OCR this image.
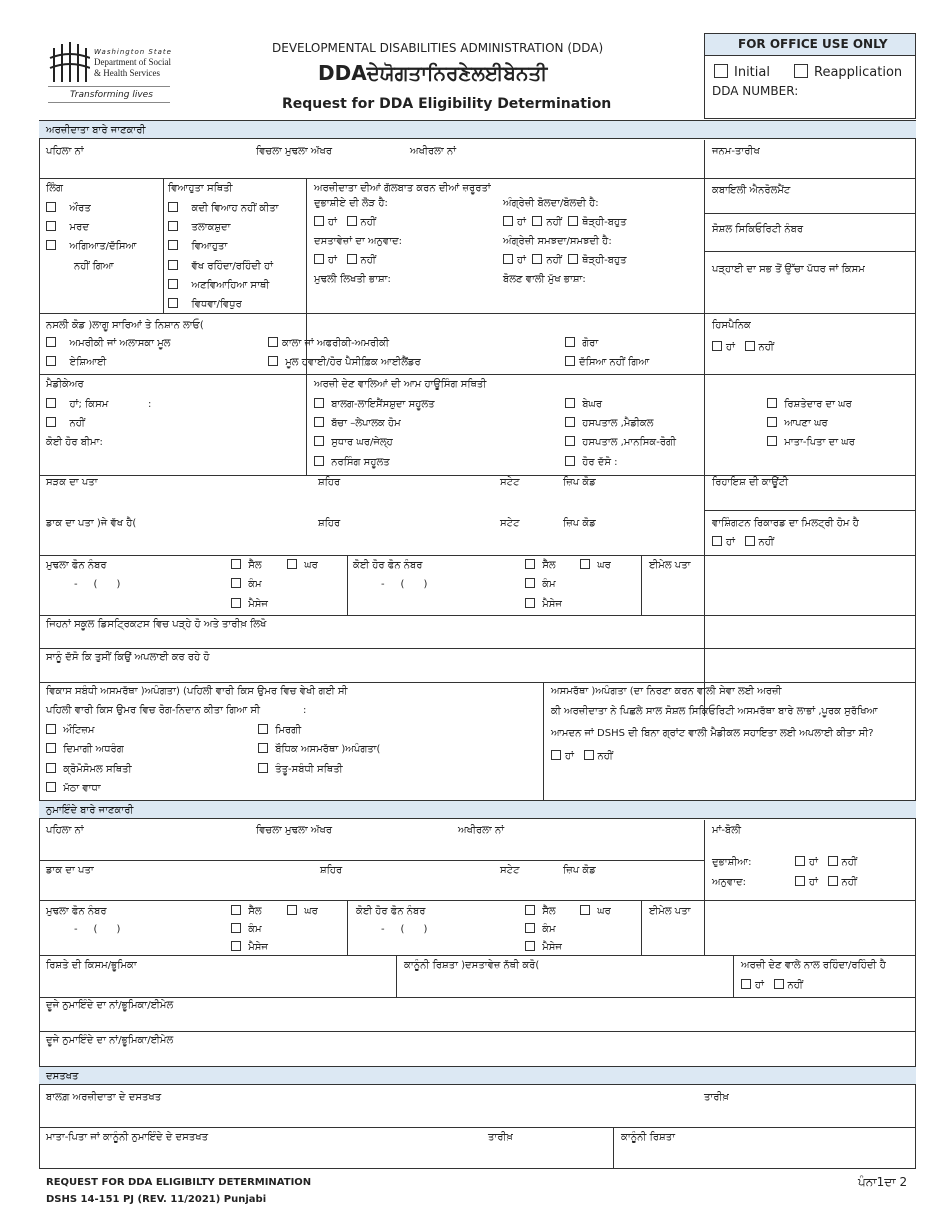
Washington State
Department of Social
& Health Services
Transforming lives
DEVELOPMENTAL DISABILITIES ADMINISTRATION (DDA)
DDAਦੇਯੋਗਤਾਨਿਰਣੇਲਈਬੇਨਤੀ
Request for DDA Eligibility Determination
FOR OFFICE USE ONLY
Initial	Reapplication
DDA NUMBER:
ਅਰਜ਼ੀਦਾਤਾ ਬਾਰੇ ਜਾਣਕਾਰੀ
ਪਹਿਲਾ ਨਾਂ	ਵਿਚਲਾ ਮੁਢਲਾ ਅੱਖਰ	ਅਖੀਰਲਾ ਨਾਂ	ਜਨਮ-ਤਾਰੀਖ
ਲਿੰਗ
ਔਰਤ
ਮਰਦ
ਅਗਿਆਤ/ਦੱਸਿਆ
ਨਹੀਂ ਗਿਆ
ਵਿਆਹੁਤਾ ਸਥਿਤੀ
ਕਦੀ ਵਿਆਹ ਨਹੀਂ ਕੀਤਾ
ਤਲਾਕਸ਼ੁਦਾ
ਵਿਆਹੁਤਾ
ਵੱਖ ਰਹਿੰਦਾ/ਰਹਿੰਦੀ ਹਾਂ
ਅਣਵਿਆਹਿਆ ਸਾਥੀ
ਵਿਧਵਾ/ਵਿਧੁਰ
ਅਰਜ਼ੀਦਾਤਾ ਦੀਆਂ ਗੱਲਬਾਤ ਕਰਨ ਦੀਆਂ ਜ਼ਰੂਰਤਾਂ
ਦੁਭਾਸ਼ੀਏ ਦੀ ਲੋੜ ਹੈ:	ਅੰਗ੍ਰੇਜ਼ੀ ਬੋਲਦਾ/ਬੋਲਦੀ ਹੈ:
ਹਾਂ ਨਹੀਂ	ਹਾਂ ਨਹੀਂ ਥੋੜ੍ਹੀ-ਬਹੁਤ
ਦਸਤਾਵੇਜ਼ਾਂ ਦਾ ਅਨੁਵਾਦ:	ਅੰਗ੍ਰੇਜ਼ੀ ਸਮਝਦਾ/ਸਮਝਦੀ ਹੈ:
ਹਾਂ ਨਹੀਂ	ਹਾਂ ਨਹੀਂ ਥੋੜ੍ਹੀ-ਬਹੁਤ
ਮੁਢਲੀ ਲਿਖਤੀ ਭਾਸ਼ਾ:	ਬੋਲਣ ਵਾਲੀ ਮੁੱਖ ਭਾਸ਼ਾ:
ਕਬਾਇਲੀ ਐਨਰੋਲਮੈਂਟ
ਸੋਸ਼ਲ ਸਿਕਿਓਰਿਟੀ ਨੰਬਰ
ਪੜ੍ਹਾਈ ਦਾ ਸਭ ਤੋਂ ਉੱਚਾ ਪੱਧਰ ਜਾਂ ਕਿਸਮ
ਨਸਲੀ ਕੋਡ )ਲਾਗੂ ਸਾਰਿਆਂ ਤੇ ਨਿਸ਼ਾਨ ਲਾਓ(
ਅਮਰੀਕੀ ਜਾਂ ਅਲਾਸਕਾ ਮੂਲ
ਏਸ਼ਿਆਈ
ਕਾਲਾ ਜਾਂ ਅਫਰੀਕੀ-ਅਮਰੀਕੀ
ਮੂਲ ਹਵਾਈ/ਹੋਰ ਪੈਸੀਫ਼ਿਕ ਆਈਲੈਂਡਰ
ਗੋਰਾ
ਦੱਸਿਆ ਨਹੀਂ ਗਿਆ
ਹਿਸਪੈਨਿਕ
ਹਾਂ ਨਹੀਂ
ਮੈਡੀਕੇਅਰ
ਹਾਂ; ਕਿਸਮ	:
ਨਹੀਂ
ਕੋਈ ਹੋਰ ਬੀਮਾ:
ਅਰਜ਼ੀ ਦੇਣ ਵਾਲਿਆਂ ਦੀ ਆਮ ਹਾਊਸਿੰਗ ਸਥਿਤੀ
ਬਾਲਗ-ਲਾਇਸੈਂਸਸ਼ੁਦਾ ਸਹੂਲਤ
ਬੱਚਾ –ਲੇਪਾਲਕ ਹੋਮ
ਸੁਧਾਰ ਘਰ/ਜੇਲ੍ਹ
ਨਰਸਿੰਗ ਸਹੂਲਤ
ਬੇਘਰ
ਹਸਪਤਾਲ ,ਮੈਡੀਕਲ
ਹਸਪਤਾਲ ,ਮਾਨਸਿਕ-ਰੋਗੀ
ਹੋਰ ਦੱਸੋ :
ਰਿਸ਼ਤੇਦਾਰ ਦਾ ਘਰ
ਆਪਣਾ ਘਰ
ਮਾਤਾ-ਪਿਤਾ ਦਾ ਘਰ
ਸੜਕ ਦਾ ਪਤਾ	ਸ਼ਹਿਰ	ਸਟੇਟ	ਜ਼ਿਪ ਕੋਡ	ਰਿਹਾਇਸ਼ ਦੀ ਕਾਊਂਟੀ
ਡਾਕ ਦਾ ਪਤਾ )ਜੇ ਵੱਖ ਹੈ(	ਸ਼ਹਿਰ	ਸਟੇਟ	ਜ਼ਿਪ ਕੋਡ	ਵਾਸ਼ਿੰਗਟਨ ਰਿਕਾਰਡ ਦਾ ਮਿਲਟ੍ਰੀ ਹੋਮ ਹੈ
ਹਾਂ ਨਹੀਂ
ਮੁਢਲਾ ਫੋਨ ਨੰਬਰ
-     (      )
ਸੈੱਲ	ਘਰ
ਕੰਮ
ਮੈਸੇਜ
ਕੋਈ ਹੋਰ ਫੋਨ ਨੰਬਰ
-     (      )
ਸੈੱਲ	ਘਰ
ਕੰਮ
ਮੈਸੇਜ
ਈਮੇਲ ਪਤਾ
ਜਿਹਨਾਂ ਸਕੂਲ ਡਿਸਟ੍ਰਿਕਟਸ ਵਿਚ ਪੜ੍ਹੇ ਹੋ ਅਤੇ ਤਾਰੀਖ਼ ਲਿਖੋ
ਸਾਨੂੰ ਦੱਸੋ ਕਿ ਤੁਸੀਂ ਕਿਉਂ ਅਪਲਾਈ ਕਰ ਰਹੇ ਹੋ
ਵਿਕਾਸ ਸਬੰਧੀ ਅਸਮਰੱਥਾ )ਅਪੰਗਤਾ) (ਪਹਿਲੀ ਵਾਰੀ ਕਿਸ ਉਮਰ ਵਿਚ ਵੇਖੀ ਗਈ ਸੀ
ਪਹਿਲੀ ਵਾਰੀ ਕਿਸ ਉਮਰ ਵਿਚ ਰੋਗ-ਨਿਦਾਨ ਕੀਤਾ ਗਿਆ ਸੀ	:
ਔਟਿਜ਼ਮ
ਦਿਮਾਗੀ ਅਧਰੰਗ
ਕ੍ਰੋਮੋਸੋਮਲ ਸਥਿਤੀ
ਮੱਠਾ ਵਾਧਾ
ਮਿਰਗੀ
ਬੌਧਿਕ ਅਸਮਰੱਥਾ )ਅਪੰਗਤਾ(
ਤੰਤੂ-ਸਬੰਧੀ ਸਥਿਤੀ
ਅਸਮਰੱਥਾ )ਅਪੰਗਤਾ (ਦਾ ਨਿਰਣਾ ਕਰਨ ਵਾਲੀ ਸੇਵਾ ਲਈ ਅਰਜ਼ੀ
ਕੀ ਅਰਜ਼ੀਦਾਤਾ ਨੇ ਪਿਛਲੇ ਸਾਲ ਸੋਸ਼ਲ ਸਿਕਿਓਰਿਟੀ ਅਸਮਰੱਥਾ ਬਾਰੇ ਲਾਭਾਂ ,ਪੂਰਕ ਸੁਰੱਖਿਆ
ਆਮਦਨ ਜਾਂ DSHS ਦੀ ਬਿਨਾ ਗ੍ਰਾਂਟ ਵਾਲੀ ਮੈਡੀਕਲ ਸਹਾਇਤਾ ਲਈ ਅਪਲਾਈ ਕੀਤਾ ਸੀ?
ਹਾਂ ਨਹੀਂ
ਨੁਮਾਇੰਦੇ ਬਾਰੇ ਜਾਣਕਾਰੀ
ਪਹਿਲਾ ਨਾਂ	ਵਿਚਲਾ ਮੁਢਲਾ ਅੱਖਰ	ਅਖੀਰਲਾ ਨਾਂ	ਮਾਂ-ਬੋਲੀ
ਡਾਕ ਦਾ ਪਤਾ	ਸ਼ਹਿਰ	ਸਟੇਟ	ਜ਼ਿਪ ਕੋਡ
ਦੁਭਾਸ਼ੀਆ:	ਹਾਂ ਨਹੀਂ
ਅਨੁਵਾਦ:	ਹਾਂ ਨਹੀਂ
ਮੁਢਲਾ ਫੋਨ ਨੰਬਰ
-     (      )
ਸੈੱਲ	ਘਰ
ਕੰਮ
ਮੈਸੇਜ
ਕੋਈ ਹੋਰ ਫੋਨ ਨੰਬਰ
-     (      )
ਸੈੱਲ	ਘਰ
ਕੰਮ
ਮੈਸੇਜ
ਈਮੇਲ ਪਤਾ
ਰਿਸ਼ਤੇ ਦੀ ਕਿਸਮ/ਭੂਮਿਕਾ	ਕਾਨੂੰਨੀ ਰਿਸ਼ਤਾ )ਦਸਤਾਵੇਜ਼ ਨੱਥੀ ਕਰੋ(	ਅਰਜ਼ੀ ਦੇਣ ਵਾਲੇ ਨਾਲ ਰਹਿੰਦਾ/ਰਹਿੰਦੀ ਹੈ
ਹਾਂ ਨਹੀਂ
ਦੂਜੇ ਨੁਮਾਇੰਦੇ ਦਾ ਨਾਂ/ਭੂਮਿਕਾ/ਈਮੇਲ
ਦੂਜੇ ਨੁਮਾਇੰਦੇ ਦਾ ਨਾਂ/ਭੂਮਿਕਾ/ਈਮੇਲ
ਦਸਤਖਤ
ਬਾਲਗ਼ ਅਰਜ਼ੀਦਾਤਾ ਦੇ ਦਸਤਖਤ	ਤਾਰੀਖ਼
ਮਾਤਾ-ਪਿਤਾ ਜਾਂ ਕਾਨੂੰਨੀ ਨੁਮਾਇੰਦੇ ਦੇ ਦਸਤਖਤ	ਤਾਰੀਖ਼	ਕਾਨੂੰਨੀ ਰਿਸ਼ਤਾ
REQUEST FOR DDA ELIGIBILTY DETERMINATION
DSHS 14-151 PJ (REV. 11/2021) Punjabi
ਪੰਨਾ1ਦਾ 2
